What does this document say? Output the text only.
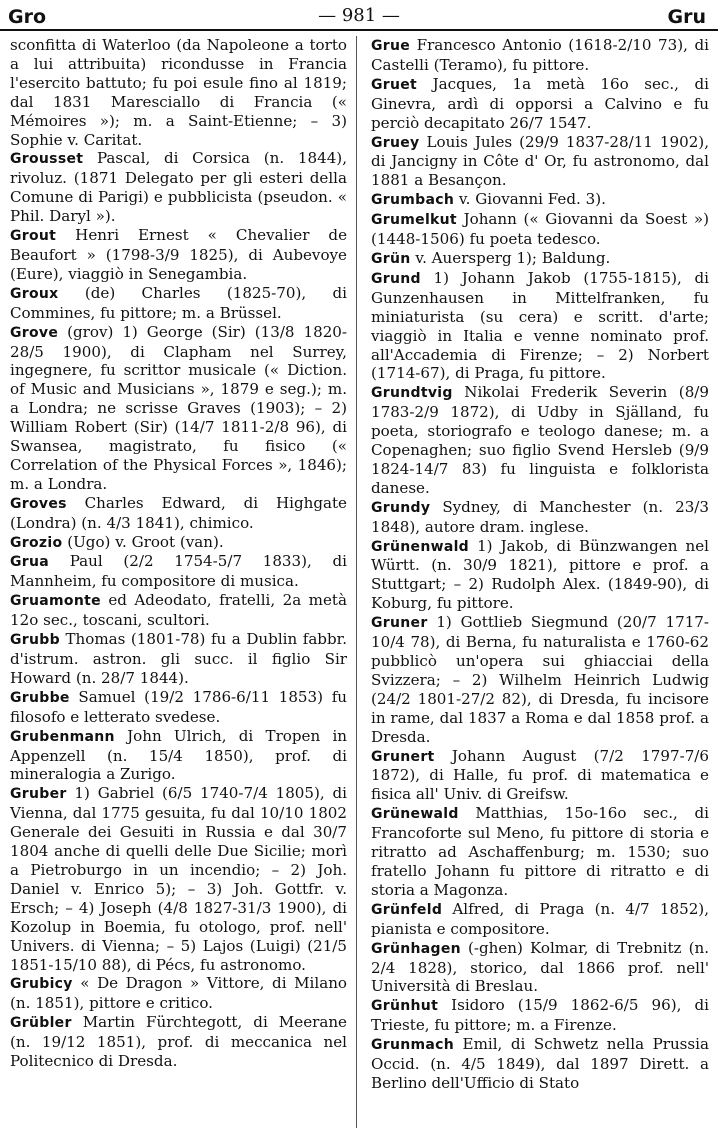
Gro	— 981 —	Gru

sconfitta di Waterloo (da Napoleone a torto a lui attribuita) ricondusse in Francia l'esercito battuto; fu poi esule fino al 1819; dal 1831 Maresciallo di Francia (« Mémoires »); m. a Saint-Etienne; – 3) Sophie v. Caritat.

Grousset Pascal, di Corsica (n. 1844), rivoluz. (1871 Delegato per gli esteri della Comune di Parigi) e pubblicista (pseudon. « Phil. Daryl »).

Grout Henri Ernest « Chevalier de Beaufort » (1798-3/9 1825), di Aubevoye (Eure), viaggiò in Senegambia.

Groux (de) Charles (1825-70), di Commines, fu pittore; m. a Brüssel.

Grove (grov) 1) George (Sir) (13/8 1820-28/5 1900), di Clapham nel Surrey, ingegnere, fu scrittor musicale (« Diction. of Music and Musicians », 1879 e seg.); m. a Londra; ne scrisse Graves (1903); – 2) William Robert (Sir) (14/7 1811-2/8 96), di Swansea, magistrato, fu fisico (« Correlation of the Physical Forces », 1846); m. a Londra.

Groves Charles Edward, di Highgate (Londra) (n. 4/3 1841), chimico.

Grozio (Ugo) v. Groot (van).

Grua Paul (2/2 1754-5/7 1833), di Mannheim, fu compositore di musica.

Gruamonte ed Adeodato, fratelli, 2a metà 12o sec., toscani, scultori.

Grubb Thomas (1801-78) fu a Dublin fabbr. d'istrum. astron. gli succ. il figlio Sir Howard (n. 28/7 1844).

Grubbe Samuel (19/2 1786-6/11 1853) fu filosofo e letterato svedese.

Grubenmann John Ulrich, di Tropen in Appenzell (n. 15/4 1850), prof. di mineralogia a Zurigo.

Gruber 1) Gabriel (6/5 1740-7/4 1805), di Vienna, dal 1775 gesuita, fu dal 10/10 1802 Generale dei Gesuiti in Russia e dal 30/7 1804 anche di quelli delle Due Sicilie; morì a Pietroburgo in un incendio; – 2) Joh. Daniel v. Enrico 5); – 3) Joh. Gottfr. v. Ersch; – 4) Joseph (4/8 1827-31/3 1900), di Kozolup in Boemia, fu otologo, prof. nell' Univers. di Vienna; – 5) Lajos (Luigi) (21/5 1851-15/10 88), di Pécs, fu astronomo.

Grubicy « De Dragon » Vittore, di Milano (n. 1851), pittore e critico.

Grübler Martin Fürchtegott, di Meerane (n. 19/12 1851), prof. di meccanica nel Politecnico di Dresda.

Grue Francesco Antonio (1618-2/10 73), di Castelli (Teramo), fu pittore.

Gruet Jacques, 1a metà 16o sec., di Ginevra, ardì di opporsi a Calvino e fu perciò decapitato 26/7 1547.

Gruey Louis Jules (29/9 1837-28/11 1902), di Jancigny in Côte d' Or, fu astronomo, dal 1881 a Besançon.

Grumbach v. Giovanni Fed. 3).

Grumelkut Johann (« Giovanni da Soest ») (1448-1506) fu poeta tedesco.

Grün v. Auersperg 1); Baldung.

Grund 1) Johann Jakob (1755-1815), di Gunzenhausen in Mittelfranken, fu miniaturista (su cera) e scritt. d'arte; viaggiò in Italia e venne nominato prof. all'Accademia di Firenze; – 2) Norbert (1714-67), di Praga, fu pittore.

Grundtvig Nikolai Frederik Severin (8/9 1783-2/9 1872), di Udby in Själland, fu poeta, storiografo e teologo danese; m. a Copenaghen; suo figlio Svend Hersleb (9/9 1824-14/7 83) fu linguista e folklorista danese.

Grundy Sydney, di Manchester (n. 23/3 1848), autore dram. inglese.

Grünenwald 1) Jakob, di Bünzwangen nel Württ. (n. 30/9 1821), pittore e prof. a Stuttgart; – 2) Rudolph Alex. (1849-90), di Koburg, fu pittore.

Gruner 1) Gottlieb Siegmund (20/7 1717-10/4 78), di Berna, fu naturalista e 1760-62 pubblicò un'opera sui ghiacciai della Svizzera; – 2) Wilhelm Heinrich Ludwig (24/2 1801-27/2 82), di Dresda, fu incisore in rame, dal 1837 a Roma e dal 1858 prof. a Dresda.

Grunert Johann August (7/2 1797-7/6 1872), di Halle, fu prof. di matematica e fisica all' Univ. di Greifsw.

Grünewald Matthias, 15o-16o sec., di Francoforte sul Meno, fu pittore di storia e ritratto ad Aschaffenburg; m. 1530; suo fratello Johann fu pittore di ritratto e di storia a Magonza.

Grünfeld Alfred, di Praga (n. 4/7 1852), pianista e compositore.

Grünhagen (-ghen) Kolmar, di Trebnitz (n. 2/4 1828), storico, dal 1866 prof. nell' Università di Breslau.

Grünhut Isidoro (15/9 1862-6/5 96), di Trieste, fu pittore; m. a Firenze.

Grunmach Emil, di Schwetz nella Prussia Occid. (n. 4/5 1849), dal 1897 Dirett. a Berlino dell'Ufficio di Stato
